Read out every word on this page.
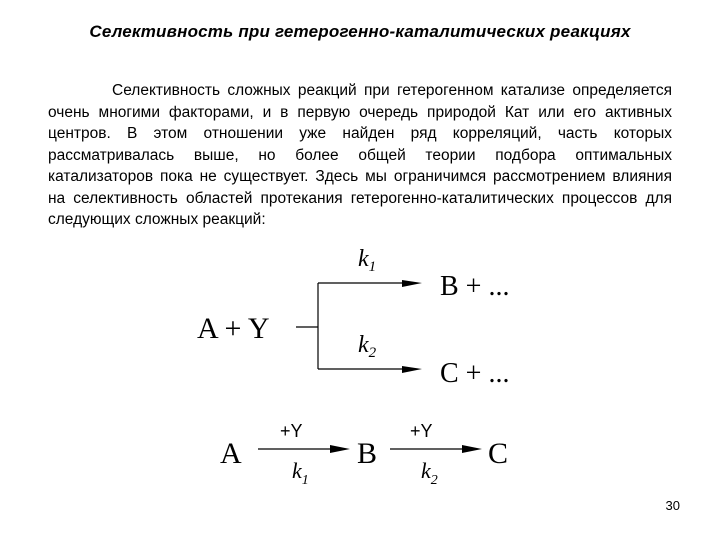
Селективность при гетерогенно-каталитических реакциях
Селективность сложных реакций при гетерогенном катализе определяется очень многими факторами, и в первую очередь природой Кат или его активных центров. В этом отношении уже найден ряд корреляций, часть которых рассматривалась выше, но более общей теории подбора оптимальных катализаторов пока не существует. Здесь мы ограничимся рассмотрением влияния на селективность областей протекания гетерогенно-каталитических процессов для следующих сложных реакций:
A + Y
$k_1$
$k_2$
B + ...
C + ...
A	B	C
+Y	+Y
$k_1$	$k_2$
30
